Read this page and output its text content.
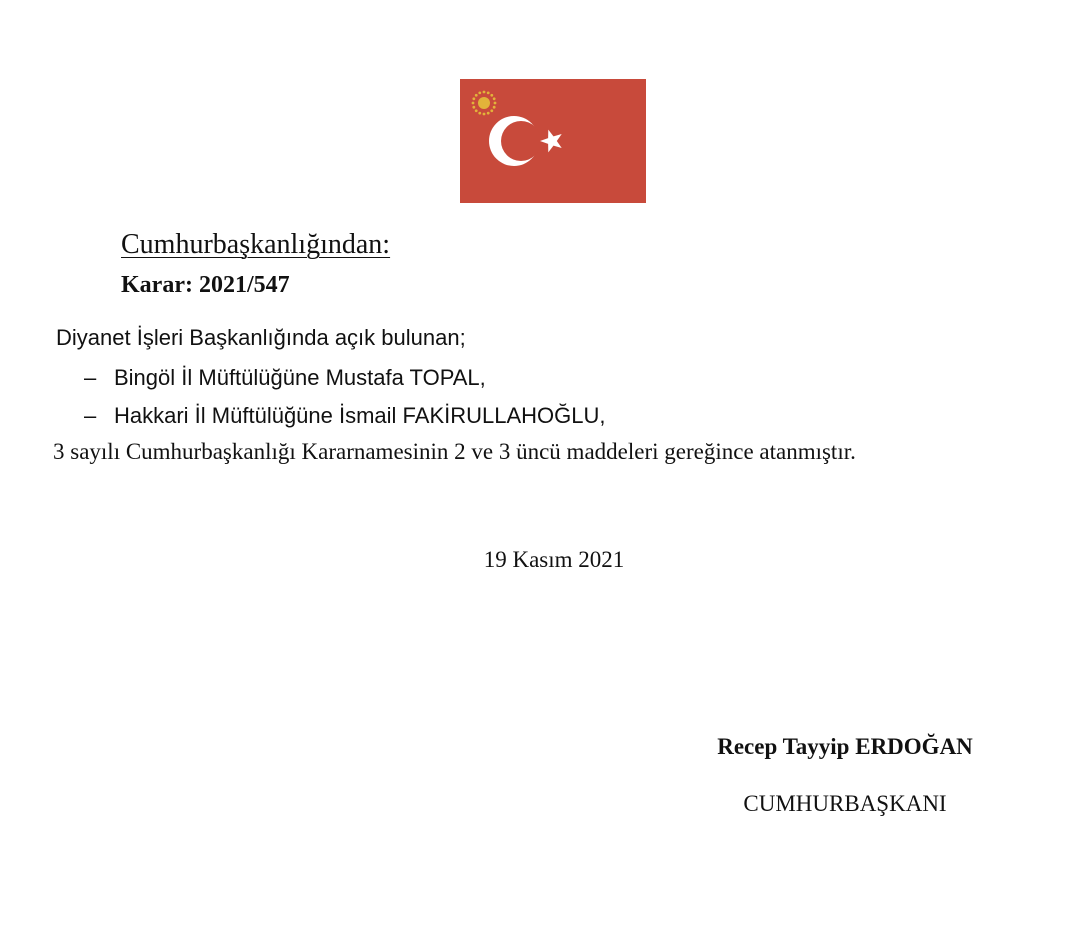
Cumhurbaşkanlığından:
Karar: 2021/547
Diyanet İşleri Başkanlığında açık bulunan;
– Bingöl İl Müftülüğüne Mustafa TOPAL,
– Hakkari İl Müftülüğüne İsmail FAKİRULLAHOĞLU,
3 sayılı Cumhurbaşkanlığı Kararnamesinin 2 ve 3 üncü maddeleri gereğince atanmıştır.
19 Kasım 2021
Recep Tayyip ERDOĞAN
CUMHURBAŞKANI
